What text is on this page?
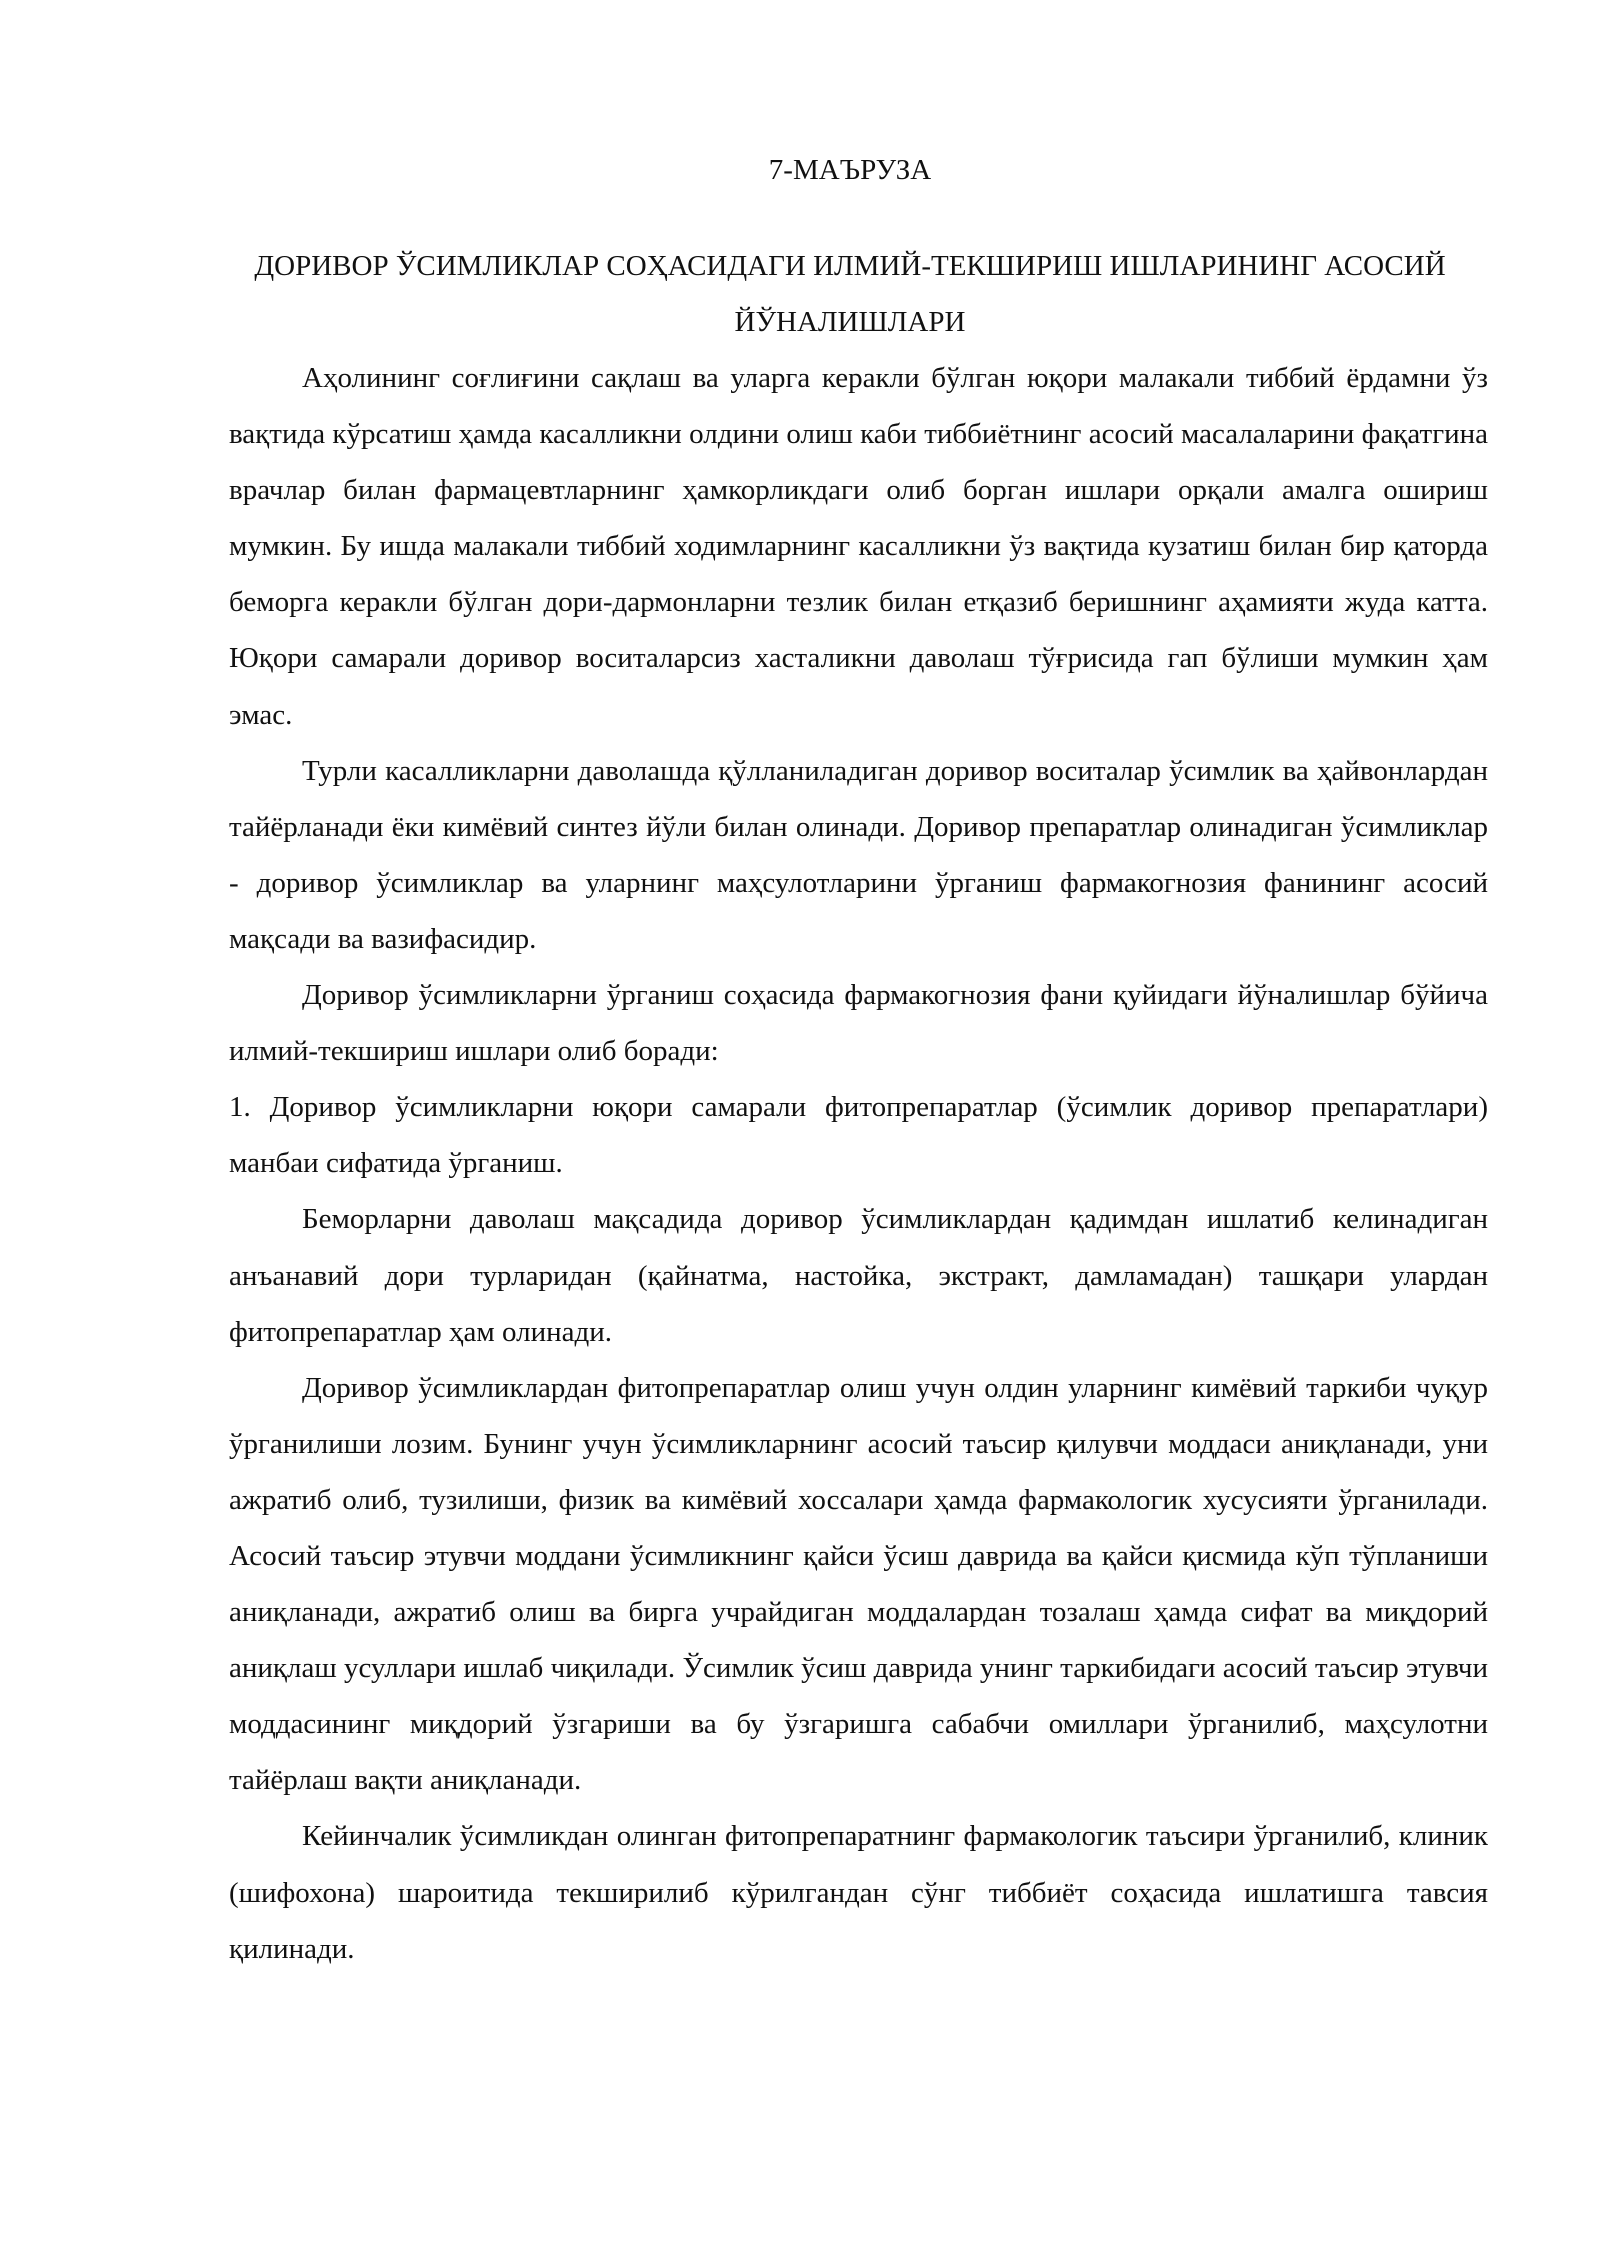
7-МАЪРУЗА
ДОРИВОР ЎСИМЛИКЛАР СОҲАСИДАГИ ИЛМИЙ-ТЕКШИРИШ ИШЛАРИНИНГ АСОСИЙ ЙЎНАЛИШЛАРИ

Аҳолининг соғлиғини сақлаш ва уларга керакли бўлган юқори малакали тиббий ёрдамни ўз вақтида кўрсатиш ҳамда касалликни олдини олиш каби тиббиётнинг асосий масалаларини фақатгина врачлар билан фармацевтларнинг ҳамкорликдаги олиб борган ишлари орқали амалга ошириш мумкин. Бу ишда малакали тиббий ходимларнинг касалликни ўз вақтида кузатиш билан бир қаторда беморга керакли бўлган дори-дармонларни тезлик билан етқазиб беришнинг аҳамияти жуда катта. Юқори самарали доривор воситаларсиз хасталикни даволаш тўғрисида гап бўлиши мумкин ҳам эмас.

Турли касалликларни даволашда қўлланиладиган доривор воситалар ўсимлик ва ҳайвонлардан тайёрланади ёки кимёвий синтез йўли билан олинади. Доривор препаратлар олинадиган ўсимликлар - доривор ўсимликлар ва уларнинг маҳсулотларини ўрганиш фармакогнозия фанининг асосий мақсади ва вазифасидир.

Доривор ўсимликларни ўрганиш соҳасида фармакогнозия фани қуйидаги йўналишлар бўйича илмий-текшириш ишлари олиб боради:

1. Доривор ўсимликларни юқори самарали фитопрепаратлар (ўсимлик доривор препаратлари) манбаи сифатида ўрганиш.

Беморларни даволаш мақсадида доривор ўсимликлардан қадимдан ишлатиб келинадиган анъанавий дори турларидан (қайнатма, настойка, экстракт, дамламадан) ташқари улардан фитопрепаратлар ҳам олинади.

Доривор ўсимликлардан фитопрепаратлар олиш учун олдин уларнинг кимёвий таркиби чуқур ўрганилиши лозим. Бунинг учун ўсимликларнинг асосий таъсир қилувчи моддаси аниқланади, уни ажратиб олиб, тузилиши, физик ва кимёвий хоссалари ҳамда фармакологик хусусияти ўрганилади. Асосий таъсир этувчи моддани ўсимликнинг қайси ўсиш даврида ва қайси қисмида кўп тўпланиши аниқланади, ажратиб олиш ва бирга учрайдиган моддалардан тозалаш ҳамда сифат ва миқдорий аниқлаш усуллари ишлаб чиқилади. Ўсимлик ўсиш даврида унинг таркибидаги асосий таъсир этувчи моддасининг миқдорий ўзгариши ва бу ўзгаришга сабабчи омиллари ўрганилиб, маҳсулотни тайёрлаш вақти аниқланади.

Кейинчалик ўсимликдан олинган фитопрепаратнинг фармакологик таъсири ўрганилиб, клиник (шифохона) шароитида текширилиб кўрилгандан сўнг тиббиёт соҳасида ишлатишга тавсия қилинади.
